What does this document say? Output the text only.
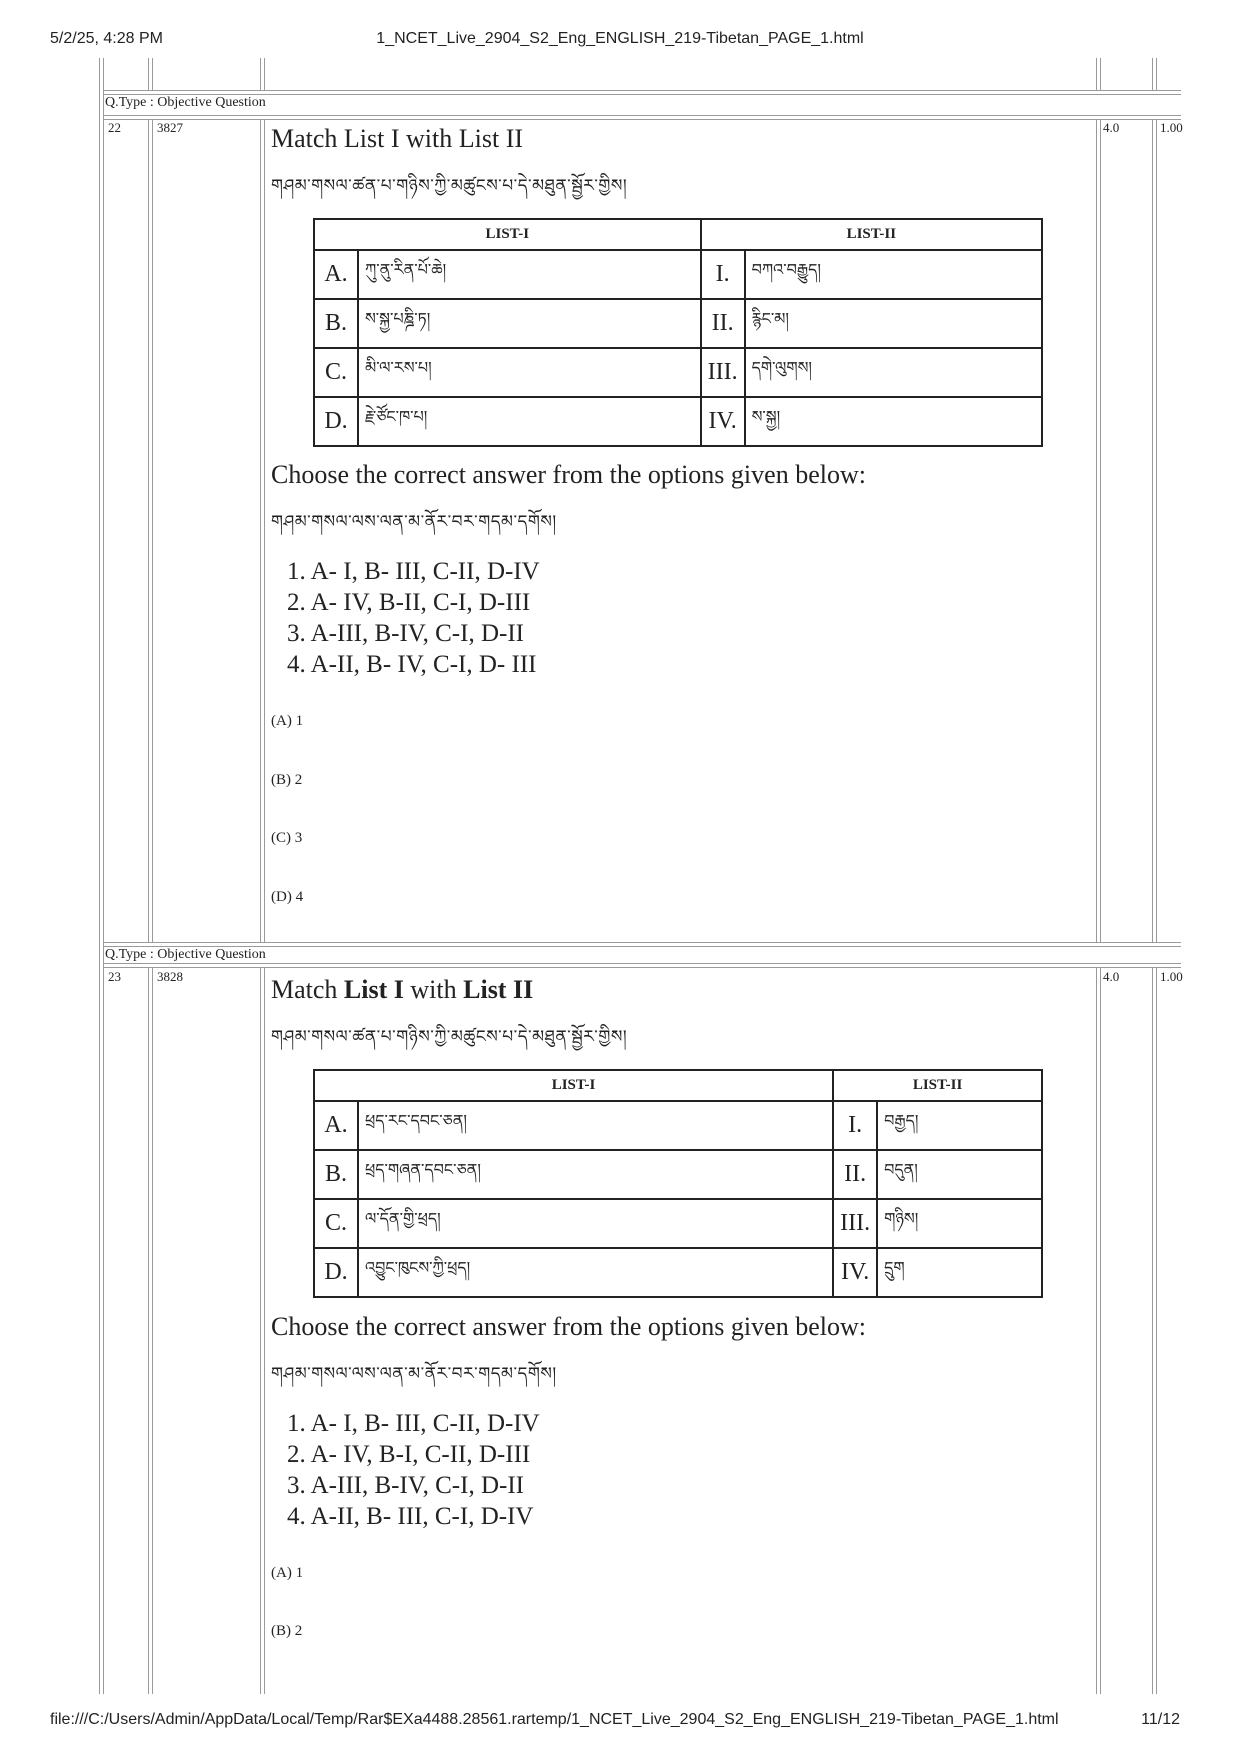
5/2/25, 4:28 PM	1_NCET_Live_2904_S2_Eng_ENGLISH_219-Tibetan_PAGE_1.html
Q.Type : Objective Question
22	3827	4.0	1.00
Match List I with List II
གཤམ་གསལ་ཚན་པ་གཉིས་ཀྱི་མཚུངས་པ་དེ་མཐུན་སྦྱོར་གྱིས།
LIST-I		LIST-II	
A.	ཀུ་ནུ་རིན་པོ་ཆེ།	I.	བཀའ་བརྒྱུད།
B.	ས་སྐྱ་པཎྜི་ཏ།	II.	རྙིང་མ།
C.	མི་ལ་རས་པ།	III.	དགེ་ལུགས།
D.	རྗེ་ཙོང་ཁ་པ།	IV.	ས་སྐྱ།
Choose the correct answer from the options given below:
གཤམ་གསལ་ལས་ལན་མ་ནོར་བར་གདམ་དགོས།
1. A- I, B- III, C-II, D-IV
2. A- IV, B-II, C-I, D-III
3. A-III, B-IV, C-I, D-II
4. A-II, B- IV, C-I, D- III
(A) 1
(B) 2
(C) 3
(D) 4
Q.Type : Objective Question
23	3828	4.0	1.00
Match List I with List II
གཤམ་གསལ་ཚན་པ་གཉིས་ཀྱི་མཚུངས་པ་དེ་མཐུན་སྦྱོར་གྱིས།
LIST-I		LIST-II	
A.	ཕྲད་རང་དབང་ཅན།	I.	བརྒྱད།
B.	ཕྲད་གཞན་དབང་ཅན།	II.	བདུན།
C.	ལ་དོན་གྱི་ཕྲད།	III.	གཉིས།
D.	འབྱུང་ཁུངས་ཀྱི་ཕྲད།	IV.	དྲུག
Choose the correct answer from the options given below:
གཤམ་གསལ་ལས་ལན་མ་ནོར་བར་གདམ་དགོས།
1. A- I, B- III, C-II, D-IV
2. A- IV, B-I, C-II, D-III
3. A-III, B-IV, C-I, D-II
4. A-II, B- III, C-I, D-IV
(A) 1
(B) 2
file:///C:/Users/Admin/AppData/Local/Temp/Rar$EXa4488.28561.rartemp/1_NCET_Live_2904_S2_Eng_ENGLISH_219-Tibetan_PAGE_1.html	11/12
